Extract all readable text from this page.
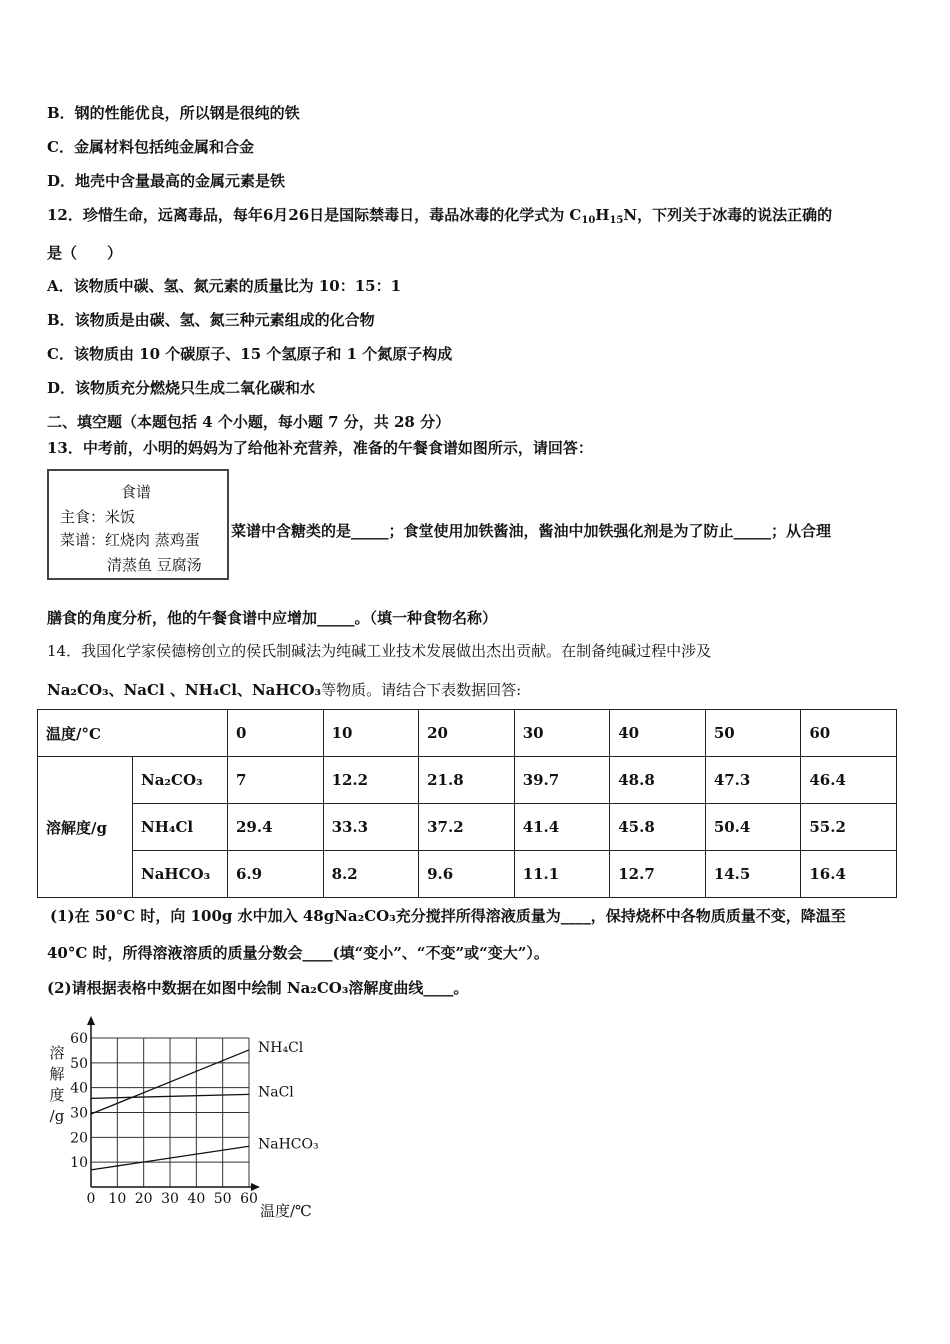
B．钢的性能优良，所以钢是很纯的铁
C．金属材料包括纯金属和合金
D．地壳中含量最高的金属元素是铁
12．珍惜生命，远离毒品，每年6月26日是国际禁毒日，毒品冰毒的化学式为 $C_{10}H_{15}N$，下列关于冰毒的说法正确的
是（　　）
A．该物质中碳、氢、氮元素的质量比为 10：15：1
B．该物质是由碳、氢、氮三种元素组成的化合物
C．该物质由 10 个碳原子、15 个氢原子和 1 个氮原子构成
D．该物质充分燃烧只生成二氧化碳和水
二、填空题（本题包括 4 个小题，每小题 7 分，共 28 分）
13．中考前，小明的妈妈为了给他补充营养，准备的午餐食谱如图所示，请回答：
食谱
主食：米饭
菜谱：红烧肉 蒸鸡蛋
清蒸鱼 豆腐汤
菜谱中含糖类的是_____；食堂使用加铁酱油，酱油中加铁强化剂是为了防止_____；从合理
膳食的角度分析，他的午餐食谱中应增加_____。（填一种食物名称）
14．我国化学家侯德榜创立的侯氏制碱法为纯碱工业技术发展做出杰出贡献。在制备纯碱过程中涉及
Na₂CO₃、NaCl 、NH₄Cl、NaHCO₃等物质。请结合下表数据回答:
温度/°C		0	10	20	30	40	50	60
溶解度/g	Na₂CO₃	7	12.2	21.8	39.7	48.8	47.3	46.4
	NH₄Cl	29.4	33.3	37.2	41.4	45.8	50.4	55.2
	NaHCO₃	6.9	8.2	9.6	11.1	12.7	14.5	16.4
(1)在 50°C 时，向 100g 水中加入 48gNa₂CO₃充分搅拌所得溶液质量为____，保持烧杯中各物质质量不变，降温至
40°C 时，所得溶液溶质的质量分数会____(填“变小”、“不变”或“变大”）。
(2)请根据表格中数据在如图中绘制 Na₂CO₃溶解度曲线____。
0 10 20 30 40 50 60
10
20
30
40
50
60
溶
解
度
/g
温度/℃
NH₄Cl
NaCl
NaHCO₃
